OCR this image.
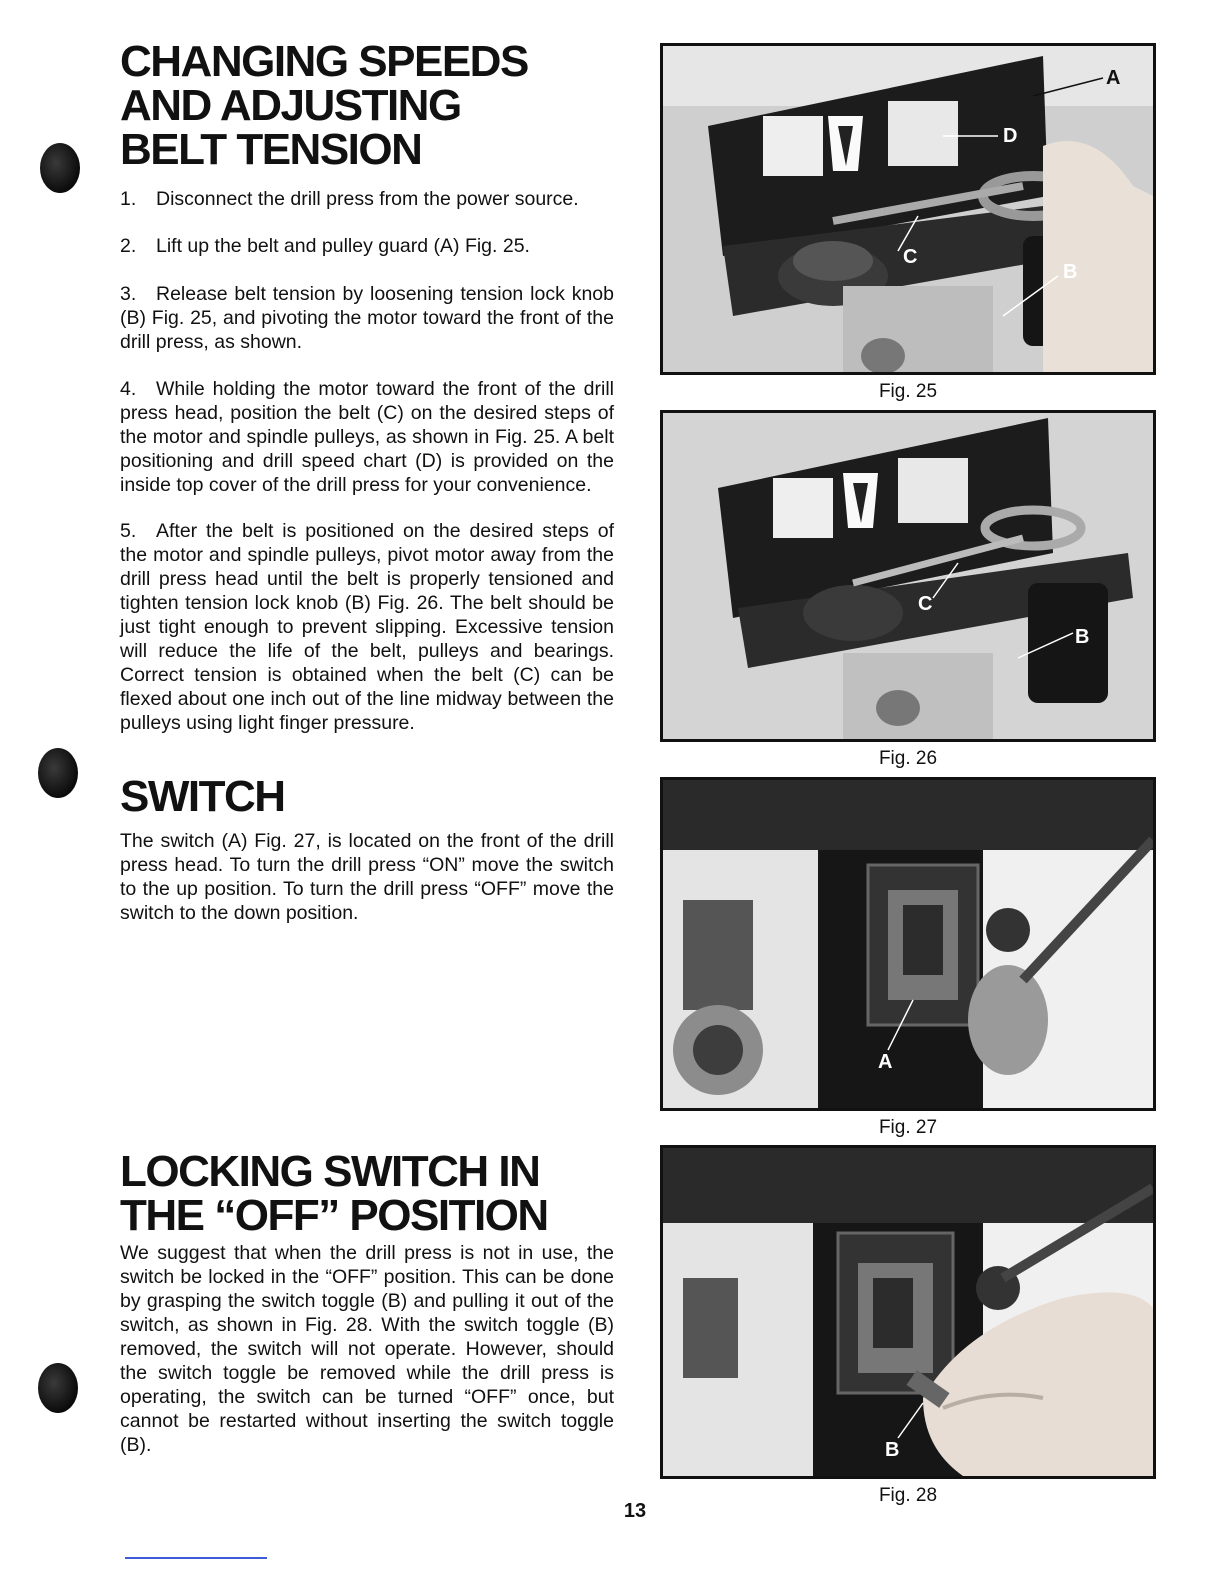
CHANGING SPEEDS
AND ADJUSTING
BELT TENSION

1. Disconnect the drill press from the power source.

2. Lift up the belt and pulley guard (A) Fig. 25.

3. Release belt tension by loosening tension lock knob (B) Fig. 25, and pivoting the motor toward the front of the drill press, as shown.

4. While holding the motor toward the front of the drill press head, position the belt (C) on the desired steps of the motor and spindle pulleys, as shown in Fig. 25. A belt positioning and drill speed chart (D) is provided on the inside top cover of the drill press for your convenience.

5. After the belt is positioned on the desired steps of the motor and spindle pulleys, pivot motor away from the drill press head until the belt is properly tensioned and tighten tension lock knob (B) Fig. 26. The belt should be just tight enough to prevent slipping. Excessive tension will reduce the life of the belt, pulleys and bearings. Correct tension is obtained when the belt (C) can be flexed about one inch out of the line midway between the pulleys using light finger pressure.

SWITCH

The switch (A) Fig. 27, is located on the front of the drill press head. To turn the drill press “ON” move the switch to the up position. To turn the drill press “OFF” move the switch to the down position.

LOCKING SWITCH IN
THE “OFF” POSITION

We suggest that when the drill press is not in use, the switch be locked in the “OFF” position. This can be done by grasping the switch toggle (B) and pulling it out of the switch, as shown in Fig. 28. With the switch toggle (B) removed, the switch will not operate. However, should the switch toggle be removed while the drill press is operating, the switch can be turned “OFF” once, but cannot be restarted without inserting the switch toggle (B).

A
D
C
B
Fig. 25
C
B
Fig. 26
A
Fig. 27
B
Fig. 28
13
